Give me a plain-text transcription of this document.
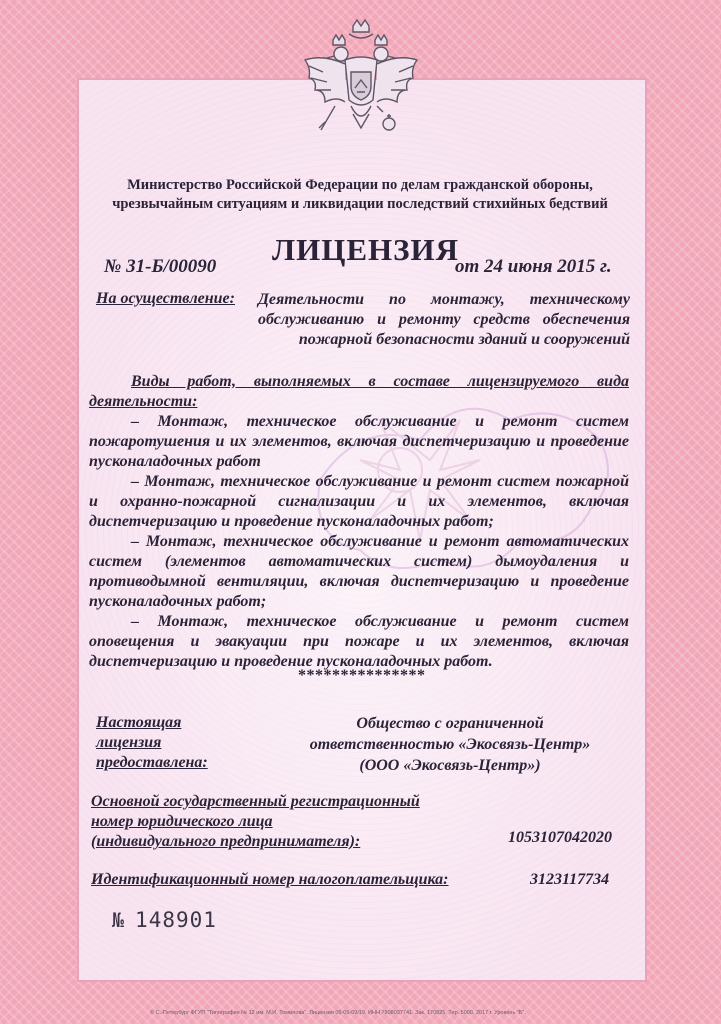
Министерство Российской Федерации по делам гражданской обороны,
чрезвычайным ситуациям и ликвидации последствий стихийных бедствий
№ 31-Б/00090 ЛИЦЕНЗИЯ
от 24 июня 2015 г.
На осуществление: Деятельности по монтажу, техническому обслуживанию и ремонту средств обеспечения пожарной безопасности зданий и сооружений
Виды работ, выполняемых в составе лицензируемого вида деятельности:

– Монтаж, техническое обслуживание и ремонт систем пожаротушения и их элементов, включая диспетчеризацию и проведение пусконаладочных работ

– Монтаж, техническое обслуживание и ремонт систем пожарной и охранно-пожарной сигнализации и их элементов, включая диспетчеризацию и проведение пусконаладочных работ;

– Монтаж, техническое обслуживание и ремонт автоматических систем (элементов автоматических систем) дымоудаления и противодымной вентиляции, включая диспетчеризацию и проведение пусконаладочных работ;

– Монтаж, техническое обслуживание и ремонт систем оповещения и эвакуации при пожаре и их элементов, включая диспетчеризацию и проведение пусконаладочных работ.

***************
Настоящая
лицензия
предоставлена:
Общество с ограниченной
ответственностью «Экосвязь-Центр»
(ООО «Экосвязь-Центр»)
Основной государственный регистрационный
номер юридического лица
(индивидуального предпринимателя):	1053107042020
Идентификационный номер налогоплательщика:	3123117734
№ 148901
© С.-Петербург ФГУП "Типография № 12 им. М.И. Томилова". Лицензия 05-05-09/19. ИНН 7808037741. Зак. 170825. Тир. 5000. 2017 г. Уровень "Б".
